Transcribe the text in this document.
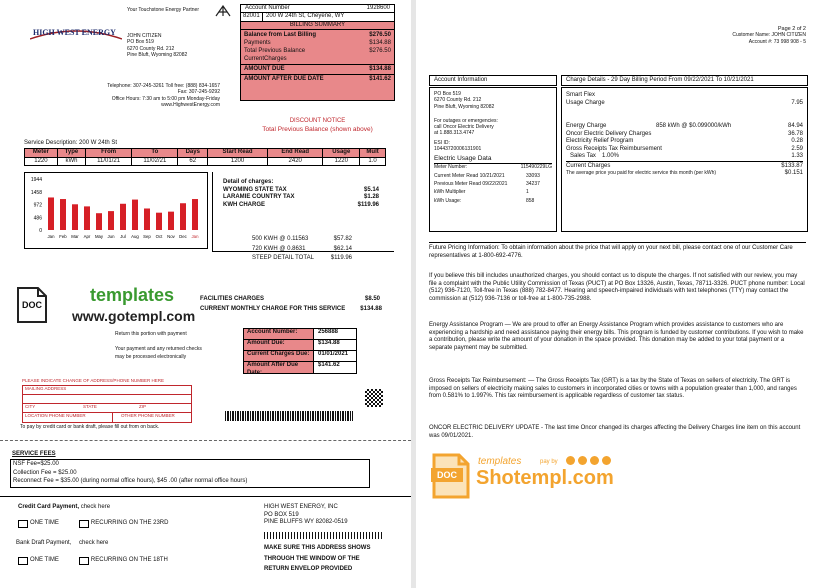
Your Touchstone Energy Partner
HIGH WEST ENERGY JOHN CITIZEN
PO Box 519
6270 County Rd. 212
Pine Bluft, Wyoming 82082
Telephone: 307-245-3261 Toll free: (888) 834-1657
Fax: 307-245-9292
Office Hours: 7:30 am to 5:00 pm Monday-Friday
www.HighwestEnergy.com
Account Number	1928600
82001	200 W 24th St, Cheyene, WY
BILLING SUMMARY
Balance from Last Billing	$276.50
Payments	$134.88
Total Previous Balance	$276.50
CurrentCharges
AMOUNT DUE	$134.88
AMOUNT AFTER DUE DATE	$141.62
DISCOUNT NOTICE
Total Previous Balance (shown above)
Service Description: 200 W 24th St
Meter	Type	From	To	Days	Start Read	End Read	Usage	Mult
1220	kWh	11/01/21	11/02/21	62	1200	2420	1220	1.0
1944
1458
972
486
0
Jan Feb Mar Apr May Jun Jul Aug Sep Oct Nov Dec Jan
Detail of charges:
WYOMING STATE TAX	$5.14
LARAMIE COUNTRY TAX	$1.28
KWH CHARGE	$119.96
500 KWH @ 0.11563	$57.82
720 KWH @ 0.8631	$62.14
STEEP DETAIL TOTAL	$119.96
FACILITIES CHARGES	$8.50
CURRENT MONTHLY CHARGE FOR THIS SERVICE	$134.88
DOC	templates
www.gotempl.com
Return this portion with payment
Your payment and any returned checks
may be processed electronically
Account Number:	256888
Amount Due:	$134.88
Current Charges Due:	01/01/2021
Amount After Due Date:
$141.62
PLEASE INDICATE CHANGE OF ADDRESS/PHONE NUMBER HERE
MAILING ADDRESS
CITY	STATE	ZIP
LOCATION PHONE NUMBER	OTHER PHONE NUMBER
To pay by credit card or bank draft, please fill out from on back.
SERVICE FEES
NSF Fee=$25.00
Collection Fee = $25.00
Reconnect Fee = $35.00 (during normal office hours), $45 .00 (after normal office hours)
Credit Card Payment, check here
ONE TIME	RECURRING ON THE 23RD
Bank Draft Payment, check here
ONE TIME	RECURRING ON THE 18TH
HIGH WEST ENERGY, INC
PO BOX 519
PINE BLUFFS WY 82082-0519
MAKE SURE THIS ADDRESS SHOWS
THROUGH THE WINDOW OF THE
RETURN ENVELOP PROVIDED
Page 2 of 2
Customer Name: JOHN CITIZEN
Account #: 73 998 908 - 5
Account Information
PO Box 519
6270 County Rd. 212
Pine Bluft, Wyoming 82082
For outages or emergencies:
call Oncor Electric Delivery
at 1.888.313.4747
ESI ID:
10443720006131901
Electric Usage Data
Meter Number:	115490229LG
Current Meter Read 10/21/2021	33093
Previous Meter Read 09/22/2021	34237
kWh Multiplier	1
kWh Usage:	858
Charge Details - 29 Day Billing Period From 09/22/2021 To 10/21/2021
Smart Flex
Usage Charge	7.95
Energy Charge	858 kWh @ $0.099000/kWh	84.94
Oncor Electric Delivery Charges	36.78
Electricity Relief Program	0.28
Gross Receipts Tax Reimbursement	2.59
Sales Tax	1.00%	1.33
Current Charges	$133.87
The average price you paid for electric service this month (per kWh)	$0.151
Future Pricing Information: To obtain information about the price that will apply on your next bill, please contact one of our Customer Care representatives at 1-800-692-4776.
If you believe this bill includes unauthorized charges, you should contact us to dispute the charges. If not satisfied with our review, you may file a complaint with the Public Utility Commission of Texas (PUCT) at PO Box 13326, Austin, Texas, 78711-3326. PUCT phone number: Local (512) 936-7120, Toll-free in Texas (888) 782-8477. Hearing and speech-impaired individuals with text telephones (TTY) may contact the commission at (512) 936-7136 or toll-free at 1-800-735-2988.
Energy Assistance Program — We are proud to offer an Energy Assistance Program which provides assistance to customers who are experiencing a hardship and need assistance paying their energy bills. This program is funded by customer contributions. If you wish to make a contribution, please write the amount of your donation in the space provided. This donation may be added to your total payment or a separate payment may be submitted.
Gross Receipts Tax Reimbursement: — The Gross Receipts Tax (GRT) is a tax by the State of Texas on sellers of electricity. The GRT is imposed on sellers of electricity making sales to customers in incorporated cities or towns with a population greater than 1,000, and ranges from 0.581% to 1.997%. This tax reimbursement is applicable regardless of customer tax status.
ONCOR ELECTRIC DELIVERY UPDATE - The last time Oncor changed its charges affecting the Delivery Charges line item on this account was 09/01/2021.
DOC
templates	pay by
Shotempl.com
